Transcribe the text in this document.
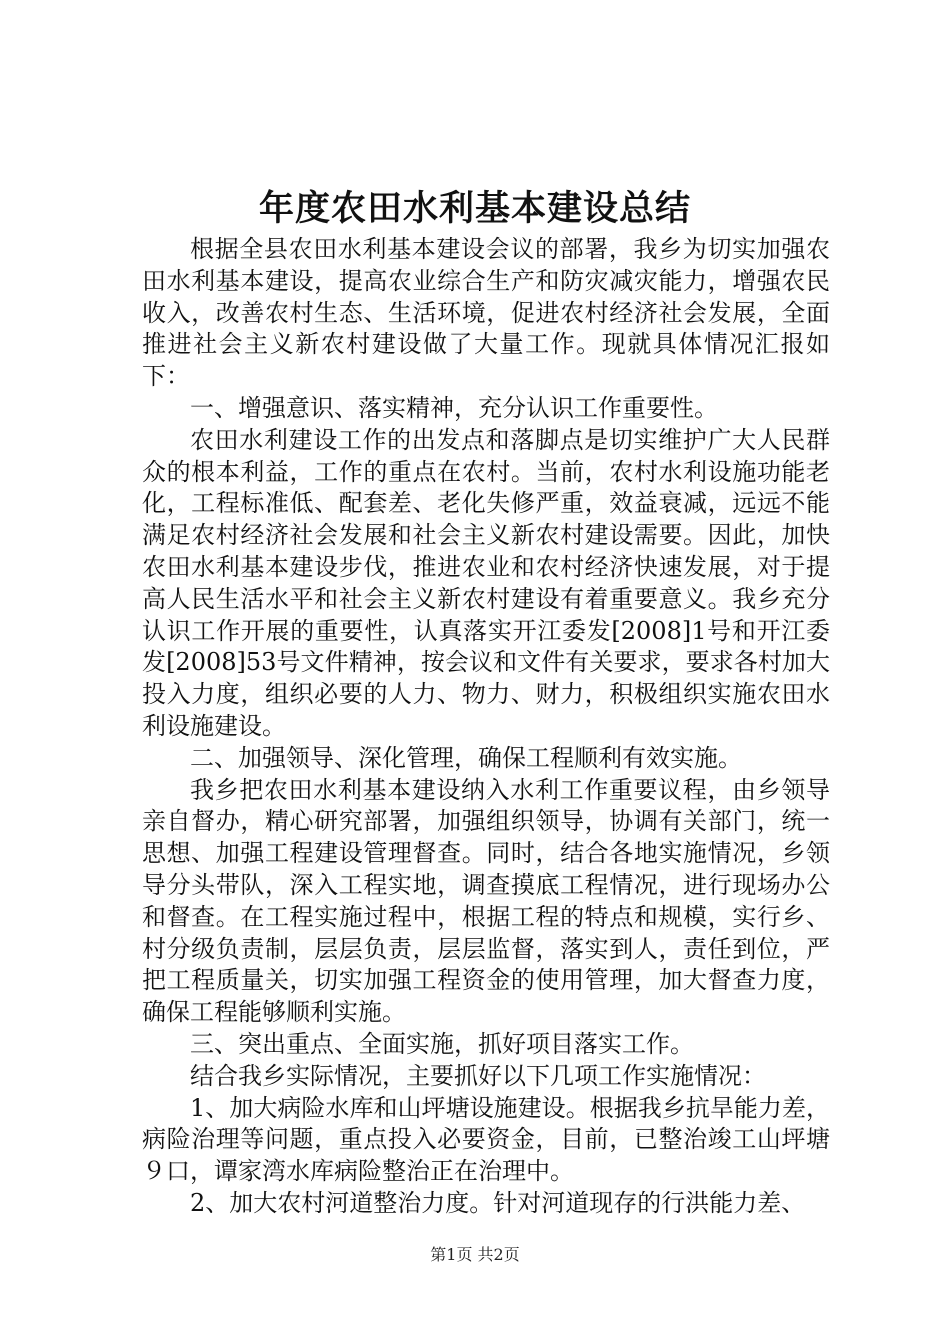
年度农田水利基本建设总结

根据全县农田水利基本建设会议的部署，我乡为切实加强农田水利基本建设，提高农业综合生产和防灾减灾能力，增强农民收入，改善农村生态、生活环境，促进农村经济社会发展，全面推进社会主义新农村建设做了大量工作。现就具体情况汇报如下：

一、增强意识、落实精神，充分认识工作重要性。

农田水利建设工作的出发点和落脚点是切实维护广大人民群众的根本利益，工作的重点在农村。当前，农村水利设施功能老化，工程标准低、配套差、老化失修严重，效益衰减，远远不能满足农村经济社会发展和社会主义新农村建设需要。因此，加快农田水利基本建设步伐，推进农业和农村经济快速发展，对于提高人民生活水平和社会主义新农村建设有着重要意义。我乡充分认识工作开展的重要性，认真落实开江委发[2008]1号和开江委发[2008]53号文件精神，按会议和文件有关要求，要求各村加大投入力度，组织必要的人力、物力、财力，积极组织实施农田水利设施建设。

二、加强领导、深化管理，确保工程顺利有效实施。

我乡把农田水利基本建设纳入水利工作重要议程，由乡领导亲自督办，精心研究部署，加强组织领导，协调有关部门，统一思想、加强工程建设管理督查。同时，结合各地实施情况，乡领导分头带队，深入工程实地，调查摸底工程情况，进行现场办公和督查。在工程实施过程中，根据工程的特点和规模，实行乡、村分级负责制，层层负责，层层监督，落实到人，责任到位，严把工程质量关，切实加强工程资金的使用管理，加大督查力度，确保工程能够顺利实施。

三、突出重点、全面实施，抓好项目落实工作。

结合我乡实际情况，主要抓好以下几项工作实施情况：

1、加大病险水库和山坪塘设施建设。根据我乡抗旱能力差，病险治理等问题，重点投入必要资金，目前，已整治竣工山坪塘９口，谭家湾水库病险整治正在治理中。

2、加大农村河道整治力度。针对河道现存的行洪能力差、

第1页 共2页
